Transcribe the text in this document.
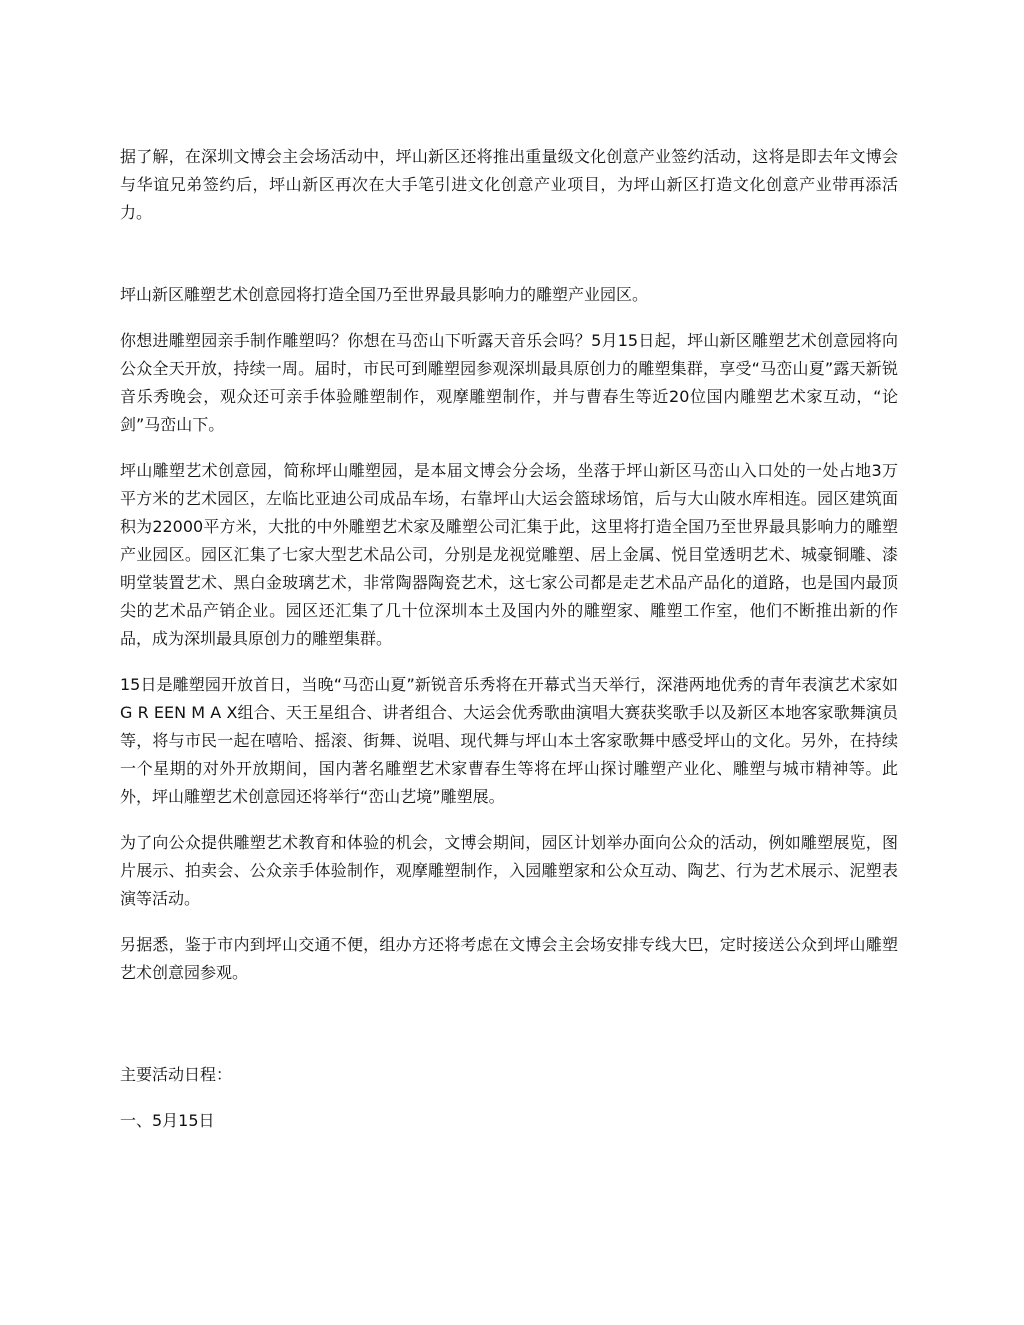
据了解，在深圳文博会主会场活动中，坪山新区还将推出重量级文化创意产业签约活动，这将是即去年文博会与华谊兄弟签约后，坪山新区再次在大手笔引进文化创意产业项目，为坪山新区打造文化创意产业带再添活力。

坪山新区雕塑艺术创意园将打造全国乃至世界最具影响力的雕塑产业园区。

你想进雕塑园亲手制作雕塑吗？你想在马峦山下听露天音乐会吗？5月15日起，坪山新区雕塑艺术创意园将向公众全天开放，持续一周。届时，市民可到雕塑园参观深圳最具原创力的雕塑集群，享受“马峦山夏”露天新锐音乐秀晚会，观众还可亲手体验雕塑制作，观摩雕塑制作，并与曹春生等近20位国内雕塑艺术家互动，“论剑”马峦山下。

坪山雕塑艺术创意园，简称坪山雕塑园，是本届文博会分会场，坐落于坪山新区马峦山入口处的一处占地3万平方米的艺术园区，左临比亚迪公司成品车场，右靠坪山大运会篮球场馆，后与大山陂水库相连。园区建筑面积为22000平方米，大批的中外雕塑艺术家及雕塑公司汇集于此，这里将打造全国乃至世界最具影响力的雕塑产业园区。园区汇集了七家大型艺术品公司，分别是龙视觉雕塑、居上金属、悦目堂透明艺术、城豪铜雕、漆明堂装置艺术、黑白金玻璃艺术，非常陶器陶瓷艺术，这七家公司都是走艺术品产品化的道路，也是国内最顶尖的艺术品产销企业。园区还汇集了几十位深圳本土及国内外的雕塑家、雕塑工作室，他们不断推出新的作品，成为深圳最具原创力的雕塑集群。

15日是雕塑园开放首日，当晚“马峦山夏”新锐音乐秀将在开幕式当天举行，深港两地优秀的青年表演艺术家如G R EEN M A X组合、天王星组合、讲者组合、大运会优秀歌曲演唱大赛获奖歌手以及新区本地客家歌舞演员等，将与市民一起在嘻哈、摇滚、街舞、说唱、现代舞与坪山本土客家歌舞中感受坪山的文化。另外，在持续一个星期的对外开放期间，国内著名雕塑艺术家曹春生等将在坪山探讨雕塑产业化、雕塑与城市精神等。此外，坪山雕塑艺术创意园还将举行“峦山艺境”雕塑展。

为了向公众提供雕塑艺术教育和体验的机会，文博会期间，园区计划举办面向公众的活动，例如雕塑展览，图片展示、拍卖会、公众亲手体验制作，观摩雕塑制作，入园雕塑家和公众互动、陶艺、行为艺术展示、泥塑表演等活动。

另据悉，鉴于市内到坪山交通不便，组办方还将考虑在文博会主会场安排专线大巴，定时接送公众到坪山雕塑艺术创意园参观。

主要活动日程：

一、5月15日
